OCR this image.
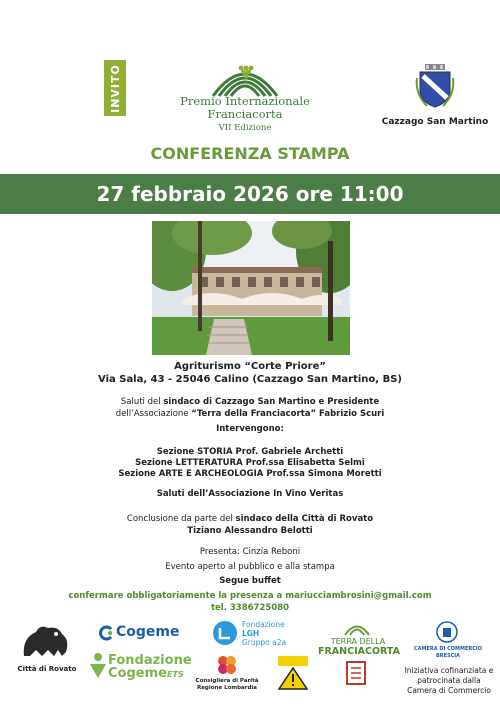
INVITO	Premio Internazionale
Franciacorta
VII Edizione
Cazzago San Martino
CONFERENZA STAMPA
27 febbraio 2026 ore 11:00
Agriturismo “Corte Priore”
Via Sala, 43 - 25046 Calino (Cazzago San Martino, BS)
Saluti del sindaco di Cazzago San Martino e Presidente
dell’Associazione “Terra della Franciacorta” Fabrizio Scuri
Intervengono:
Sezione STORIA Prof. Gabriele Archetti
Sezione LETTERATURA Prof.ssa Elisabetta Selmi
Sezione ARTE E ARCHEOLOGIA Prof.ssa Simona Moretti
Saluti dell’Associazione In Vino Veritas
Conclusione da parte del sindaco della Città di Rovato
Tiziano Alessandro Belotti
Presenta: Cinzia Reboni
Evento aperto al pubblico e alla stampa
Segue buffet
confermare obbligatoriamente la presenza a mariucciambrosini@gmail.com
tel. 3386725080
Città di Rovato
Cogeme
Fondazione
CogemeETS
Fondazione
LGH
Gruppo a2a
Consigliera di Parità
Regione Lombardia
TERRA DELLA
FRANCIACORTA	CAMERA DI COMMERCIO
BRESCIA
Iniziativa cofinanziata e
patrocinata dalla
Camera di Commercio
